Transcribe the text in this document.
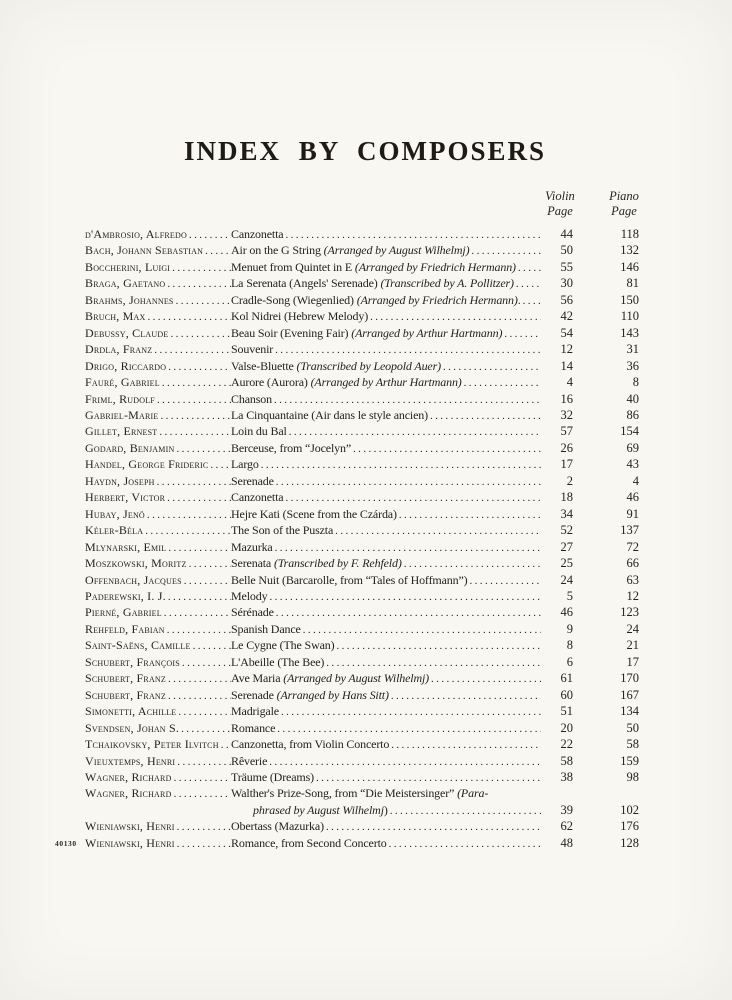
INDEX BY COMPOSERS
Violin
Page
Piano
Page
d'Ambrosio, Alfredo .....	Canzonetta .....	44	118
Bach, Johann Sebastian ..... Air on the G String (Arranged by August Wilhelmj) .....	50	132
Boccherini, Luigi .....	Menuet from Quintet in E (Arranged by Friedrich Hermann) .....	55	146
Braga, Gaetano .....	La Serenata (Angels' Serenade) (Transcribed by A. Pollitzer) .....	30	81
Brahms, Johannes .....	Cradle-Song (Wiegenlied) (Arranged by Friedrich Hermann). .....	56	150
Bruch, Max .....	Kol Nidrei (Hebrew Melody) .....	42	110
Debussy, Claude .....	Beau Soir (Evening Fair) (Arranged by Arthur Hartmann) .....	54	143
Drdla, Franz .....	Souvenir .....	12	31
Drigo, Riccardo .....	Valse-Bluette (Transcribed by Leopold Auer) .....	14	36
Fauré, Gabriel .....	Aurore (Aurora) (Arranged by Arthur Hartmann) .....	4	8
Friml, Rudolf .....	Chanson .....	16	40
Gabriel-Marie .....	La Cinquantaine (Air dans le style ancien) .....	32	86
Gillet, Ernest .....	Loin du Bal .....	57	154
Godard, Benjamin .....	Berceuse, from “Jocelyn” .....	26	69
Handel, George Frideric ..... Largo .....	17	43
Haydn, Joseph .....	Serenade .....	2	4
Herbert, Victor .....	Canzonetta .....	18	46
Hubay, Jenö .....	Hejre Kati (Scene from the Czárda) .....	34	91
Kéler-Béla .....	The Son of the Puszta .....	52	137
Mlynarski, Emil .....	Mazurka .....	27	72
Moszkowski, Moritz .....	Serenata (Transcribed by F. Rehfeld) .....	25	66
Offenbach, Jacques .....	Belle Nuit (Barcarolle, from “Tales of Hoffmann”) .....	24	63
Paderewski, I. J. .....	Melody .....	5	12
Pierné, Gabriel .....	Sérénade .....	46	123
Rehfeld, Fabian .....	Spanish Dance .....	9	24
Saint-Saëns, Camille .....	Le Cygne (The Swan) .....	8	21
Schubert, François .....	L'Abeille (The Bee) .....	6	17
Schubert, Franz .....	Ave Maria (Arranged by August Wilhelmj) .....	61	170
Schubert, Franz .....	Serenade (Arranged by Hans Sitt) .....	60	167
Simonetti, Achille .....	Madrigale .....	51	134
Svendsen, Johan S. .....	Romance .....	20	50
Tchaikovsky, Peter Ilvitch ..... Canzonetta, from Violin Concerto .....	22	58
Vieuxtemps, Henri .....	Rêverie .....	58	159
Wagner, Richard .....	Träume (Dreams) .....	38	98
Wagner, Richard .....	Walther's Prize-Song, from “Die Meistersinger” (Para-
phrased by August Wilhelmj) .....	39	102
Wieniawski, Henri .....	Obertass (Mazurka) .....	62	176
Wieniawski, Henri .....	Romance, from Second Concerto .....	48	128
40130
